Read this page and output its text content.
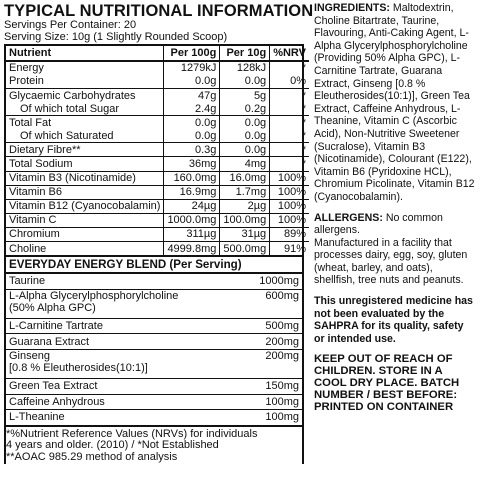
TYPICAL NUTRITIONAL INFORMATION
Servings Per Container: 20
Serving Size: 10g (1 Slightly Rounded Scoop)
Nutrient	Per 100g	Per 10g	%NRV
Energy	1279kJ	128kJ	*
Protein	0.0g	0.0g	0%
Glycaemic Carbohydrates	47g	5g	*
Of which total Sugar	2.4g	0.2g	*
Total Fat	0.0g	0.0g	*
Of which Saturated	0.0g	0.0g	*
Dietary Fibre**	0.3g	0.0g	*
Total Sodium	36mg	4mg	*
Vitamin B3 (Nicotinamide)	160.0mg	16.0mg	100%
Vitamin B6	16.9mg	1.7mg	100%
Vitamin B12 (Cyanocobalamin)	24µg	2µg	100%
Vitamin C	1000.0mg	100.0mg	100%
Chromium	311µg	31µg	89%
Choline	4999.8mg	500.0mg	91%
EVERYDAY ENERGY BLEND (Per Serving)
Taurine	1000mg

L-Alpha Glycerylphosphorylcholine
(50% Alpha GPC)	600mg

L-Carnitine Tartrate	500mg

Guarana Extract	200mg

Ginseng
[0.8 % Eleutherosides(10:1)]	200mg

Green Tea Extract	150mg

Caffeine Anhydrous	100mg

L-Theanine	100mg
*%Nutrient Reference Values (NRVs) for individuals
4 years and older. (2010) / *Not Established
**AOAC 985.29 method of analysis
INGREDIENTS: Maltodextrin, Choline Bitartrate, Taurine, Flavouring, Anti-Caking Agent, L-Alpha Glycerylphosphorylcholine (Providing 50% Alpha GPC), L-Carnitine Tartrate, Guarana Extract, Ginseng [0.8 % Eleutherosides(10:1)], Green Tea Extract, Caffeine Anhydrous, L-Theanine, Vitamin C (Ascorbic Acid), Non-Nutritive Sweetener (Sucralose), Vitamin B3 (Nicotinamide), Colourant (E122), Vitamin B6 (Pyridoxine HCL), Chromium Picolinate, Vitamin B12 (Cyanocobalamin).
ALLERGENS: No common allergens.
Manufactured in a facility that processes dairy, egg, soy, gluten (wheat, barley, and oats), shellfish, tree nuts and peanuts.
This unregistered medicine has not been evaluated by the SAHPRA for its quality, safety or intended use.
KEEP OUT OF REACH OF CHILDREN. STORE IN A COOL DRY PLACE. BATCH NUMBER / BEST BEFORE: PRINTED ON CONTAINER
